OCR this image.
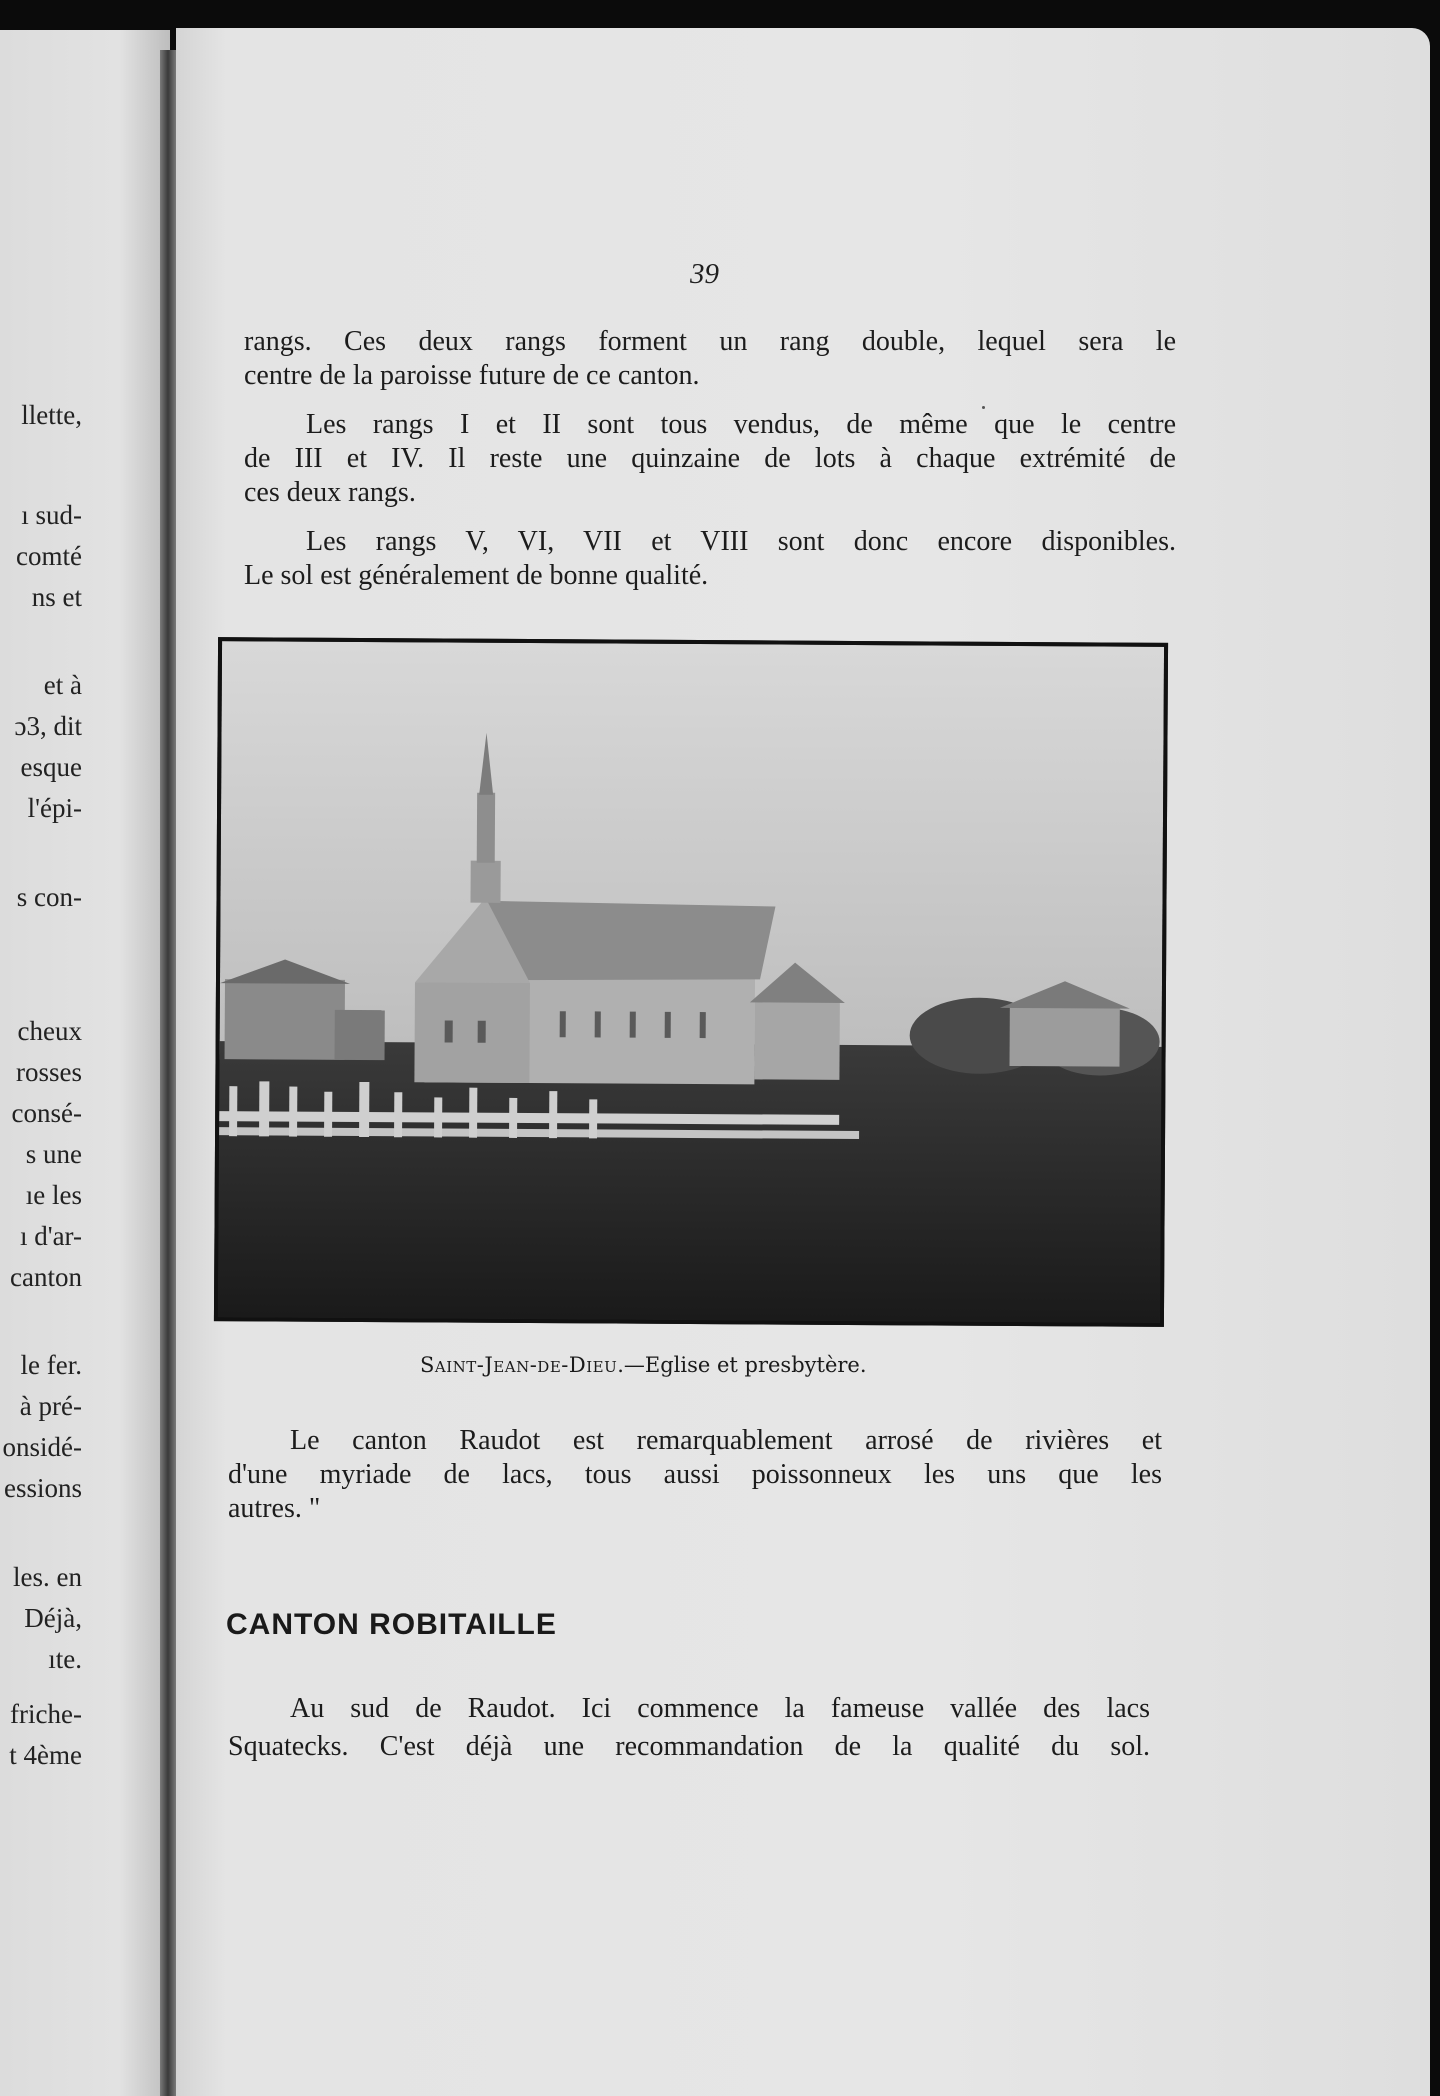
llette,
ı sud-
comté
ns et
et à
ɔ3, dit
esque
l'épi-
s con-
cheux
rosses
consé-
s une
ıe les
ı d'ar-
canton
le fer.
à pré-
onsidé-
essions
les. en
Déjà,
ıte.
friche-
t 4ème
39
rangs. Ces deux rangs forment un rang double, lequel sera le
centre de la paroisse future de ce canton.
Les rangs I et II sont tous vendus, de même que le centre
de III et IV. Il reste une quinzaine de lots à chaque extrémité de
ces deux rangs.
Les rangs V, VI, VII et VIII sont donc encore disponibles.
Le sol est généralement de bonne qualité.
Saint-Jean-de-Dieu.—Eglise et presbytère.
Le canton Raudot est remarquablement arrosé de rivières et
d'une myriade de lacs, tous aussi poissonneux les uns que les
autres. "
CANTON ROBITAILLE
Au sud de Raudot. Ici commence la fameuse vallée des lacs
Squatecks. C'est déjà une recommandation de la qualité du sol.
